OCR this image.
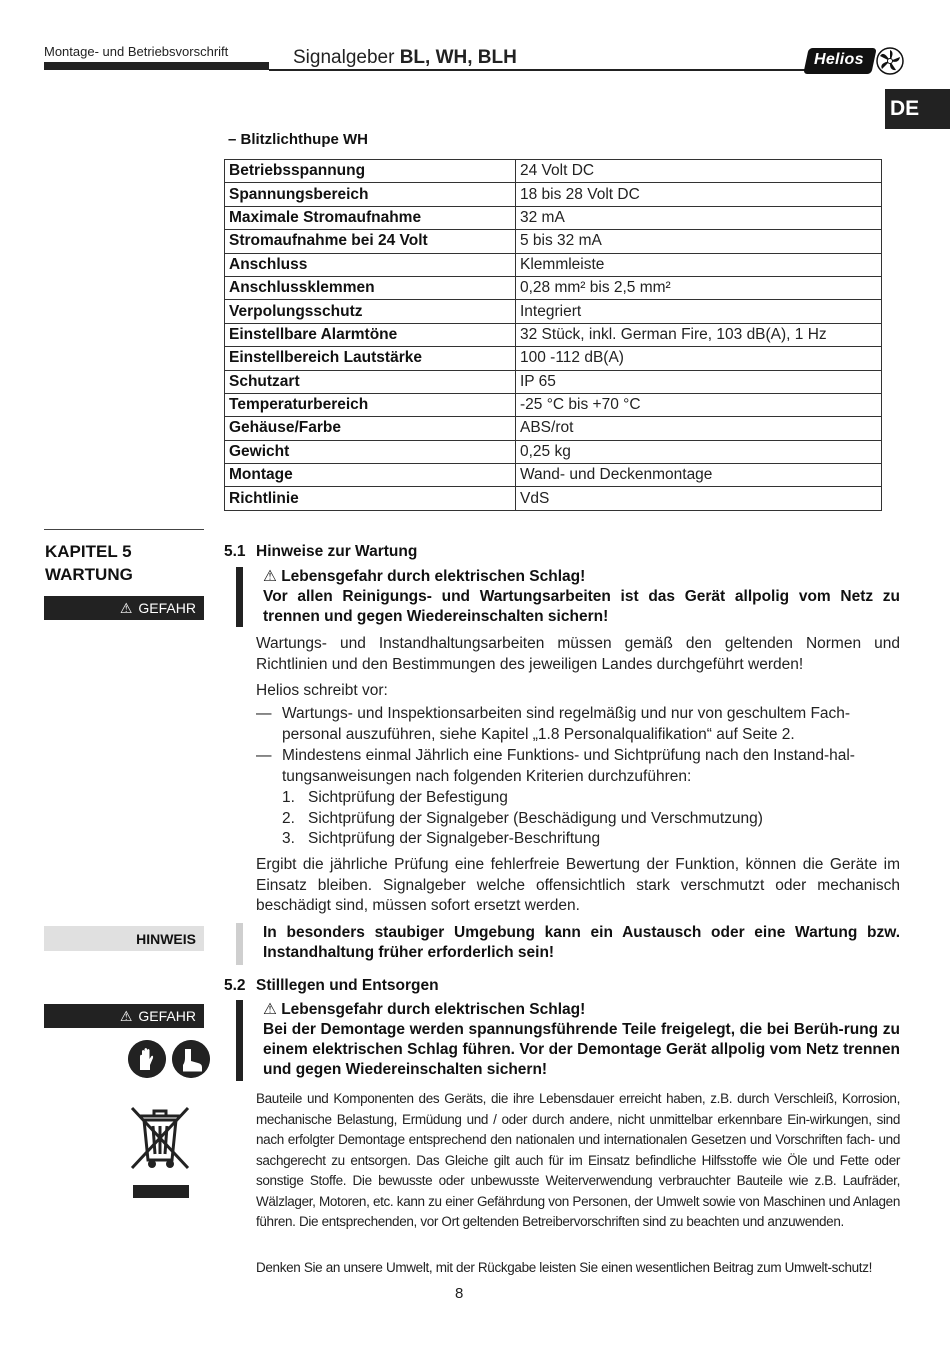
Montage- und Betriebsvorschrift	Signalgeber BL, WH, BLH	Helios
DE
– Blitzlichthupe WH
Betriebsspannung	24 Volt DC
Spannungsbereich	18 bis 28 Volt DC
Maximale Stromaufnahme	32 mA
Stromaufnahme bei 24 Volt	5 bis 32 mA
Anschluss	Klemmleiste
Anschlussklemmen	0,28 mm² bis 2,5 mm²
Verpolungsschutz	Integriert
Einstellbare Alarmtöne	32 Stück, inkl. German Fire, 103 dB(A), 1 Hz
Einstellbereich Lautstärke	100 -112 dB(A)
Schutzart	IP 65
Temperaturbereich	-25 °C bis +70 °C
Gehäuse/Farbe	ABS/rot
Gewicht	0,25 kg
Montage	Wand- und Deckenmontage
Richtlinie	VdS
KAPITEL 5
WARTUNG
⚠ GEFAHR
HINWEIS
⚠ GEFAHR
5.1 Hinweise zur Wartung
⚠ Lebensgefahr durch elektrischen Schlag!
Vor allen Reinigungs- und Wartungsarbeiten ist das Gerät allpolig vom Netz zu trennen und gegen Wiedereinschalten sichern!
Wartungs- und Instandhaltungsarbeiten müssen gemäß den geltenden Normen und Richtlinien und den Bestimmungen des jeweiligen Landes durchgeführt werden!
Helios schreibt vor:
— Wartungs- und Inspektionsarbeiten sind regelmäßig und nur von geschultem Fach-personal auszuführen, siehe Kapitel „1.8 Personalqualifikation“ auf Seite 2.
— Mindestens einmal Jährlich eine Funktions- und Sichtprüfung nach den Instand-hal-tungsanweisungen nach folgenden Kriterien durchzuführen:
1. Sichtprüfung der Befestigung
2. Sichtprüfung der Signalgeber (Beschädigung und Verschmutzung)
3. Sichtprüfung der Signalgeber-Beschriftung
Ergibt die jährliche Prüfung eine fehlerfreie Bewertung der Funktion, können die Geräte im Einsatz bleiben. Signalgeber welche offensichtlich stark verschmutzt oder mechanisch beschädigt sind, müssen sofort ersetzt werden.
In besonders staubiger Umgebung kann ein Austausch oder eine Wartung bzw. Instandhaltung früher erforderlich sein!
5.2 Stilllegen und Entsorgen
⚠ Lebensgefahr durch elektrischen Schlag!
Bei der Demontage werden spannungsführende Teile freigelegt, die bei Berüh-rung zu einem elektrischen Schlag führen. Vor der Demontage Gerät allpolig vom Netz trennen und gegen Wiedereinschalten sichern!
Bauteile und Komponenten des Geräts, die ihre Lebensdauer erreicht haben, z.B. durch Verschleiß, Korrosion, mechanische Belastung, Ermüdung und / oder durch andere, nicht unmittelbar erkennbare Ein-wirkungen, sind nach erfolgter Demontage entsprechend den nationalen und internationalen Gesetzen und Vorschriften fach- und sachgerecht zu entsorgen. Das Gleiche gilt auch für im Einsatz befindliche Hilfsstoffe wie Öle und Fette oder sonstige Stoffe. Die bewusste oder unbewusste Weiterverwendung verbrauchter Bauteile wie z.B. Laufräder, Wälzlager, Motoren, etc. kann zu einer Gefährdung von Personen, der Umwelt sowie von Maschinen und Anlagen führen. Die entsprechenden, vor Ort geltenden Betreibervorschriften sind zu beachten und anzuwenden.
Denken Sie an unsere Umwelt, mit der Rückgabe leisten Sie einen wesentlichen Beitrag zum Umwelt-schutz!
8
